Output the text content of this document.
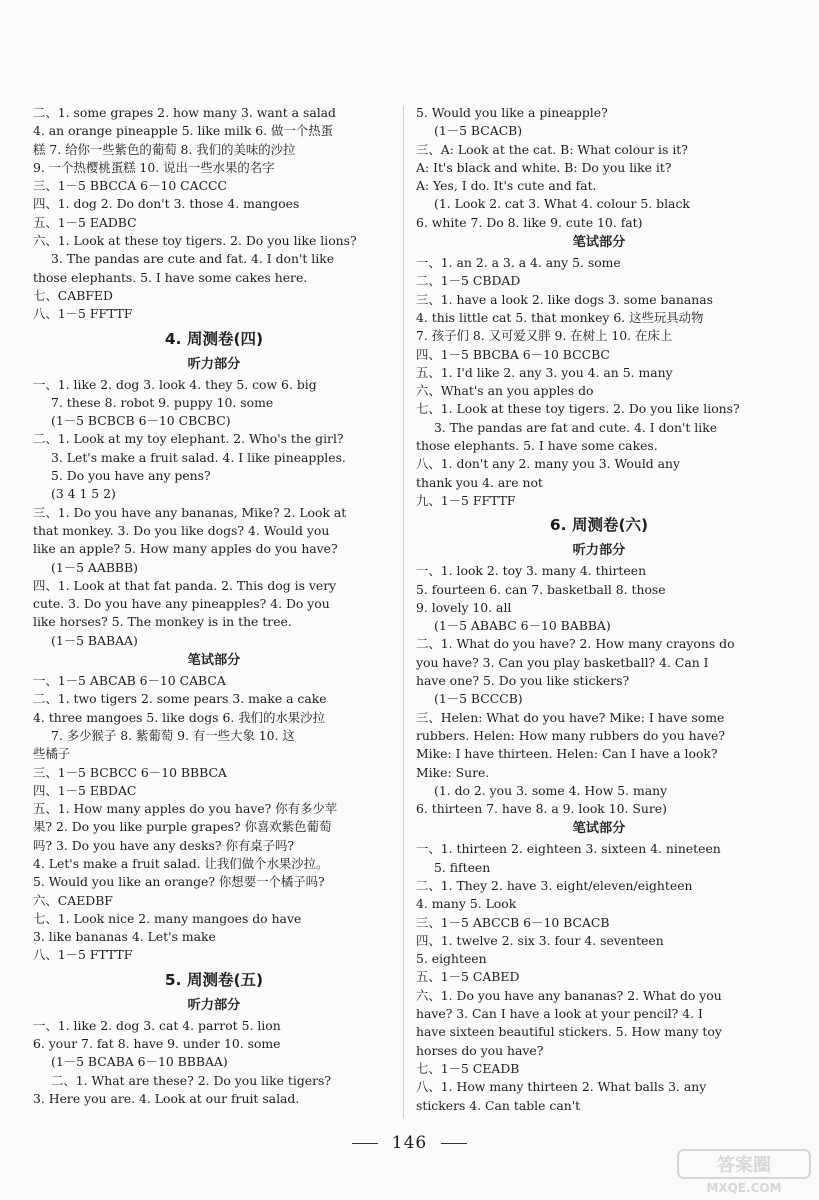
二、1. some grapes 2. how many 3. want a salad
4. an orange pineapple 5. like milk 6. 做一个热蛋
糕 7. 给你一些紫色的葡萄 8. 我们的美味的沙拉
9. 一个热樱桃蛋糕 10. 说出一些水果的名字
三、1－5 BBCCA 6－10 CACCC
四、1. dog 2. Do don't 3. those 4. mangoes
五、1－5 EADBC
六、1. Look at these toy tigers. 2. Do you like lions?
3. The pandas are cute and fat. 4. I don't like
those elephants. 5. I have some cakes here.
七、CABFED
八、1－5 FFTTF
4. 周测卷(四)
听力部分
一、1. like 2. dog 3. look 4. they 5. cow 6. big
7. these 8. robot 9. puppy 10. some
(1－5 BCBCB 6－10 CBCBC)
二、1. Look at my toy elephant. 2. Who's the girl?
3. Let's make a fruit salad. 4. I like pineapples.
5. Do you have any pens?
(3 4 1 5 2)
三、1. Do you have any bananas, Mike? 2. Look at
that monkey. 3. Do you like dogs? 4. Would you
like an apple? 5. How many apples do you have?
(1－5 AABBB)
四、1. Look at that fat panda. 2. This dog is very
cute. 3. Do you have any pineapples? 4. Do you
like horses? 5. The monkey is in the tree.
(1－5 BABAA)
笔试部分
一、1－5 ABCAB 6－10 CABCA
二、1. two tigers 2. some pears 3. make a cake
4. three mangoes 5. like dogs 6. 我们的水果沙拉
7. 多少猴子 8. 紫葡萄 9. 有一些大象 10. 这
些橘子
三、1－5 BCBCC 6－10 BBBCA
四、1－5 EBDAC
五、1. How many apples do you have? 你有多少苹
果? 2. Do you like purple grapes? 你喜欢紫色葡萄
吗? 3. Do you have any desks? 你有桌子吗?
4. Let's make a fruit salad. 让我们做个水果沙拉。
5. Would you like an orange? 你想要一个橘子吗?
六、CAEDBF
七、1. Look nice 2. many mangoes do have
3. like bananas 4. Let's make
八、1－5 FTTTF
5. 周测卷(五)
听力部分
一、1. like 2. dog 3. cat 4. parrot 5. lion
6. your 7. fat 8. have 9. under 10. some
(1－5 BCABA 6－10 BBBAA)
二、1. What are these? 2. Do you like tigers?
3. Here you are. 4. Look at our fruit salad.
5. Would you like a pineapple?
(1－5 BCACB)
三、A: Look at the cat. B: What colour is it?
A: It's black and white. B: Do you like it?
A: Yes, I do. It's cute and fat.
(1. Look 2. cat 3. What 4. colour 5. black
6. white 7. Do 8. like 9. cute 10. fat)
笔试部分
一、1. an 2. a 3. a 4. any 5. some
二、1－5 CBDAD
三、1. have a look 2. like dogs 3. some bananas
4. this little cat 5. that monkey 6. 这些玩具动物
7. 孩子们 8. 又可爱又胖 9. 在树上 10. 在床上
四、1－5 BBCBA 6－10 BCCBC
五、1. I'd like 2. any 3. you 4. an 5. many
六、What's an you apples do
七、1. Look at these toy tigers. 2. Do you like lions?
3. The pandas are fat and cute. 4. I don't like
those elephants. 5. I have some cakes.
八、1. don't any 2. many you 3. Would any
thank you 4. are not
九、1－5 FFTTF
6. 周测卷(六)
听力部分
一、1. look 2. toy 3. many 4. thirteen
5. fourteen 6. can 7. basketball 8. those
9. lovely 10. all
(1－5 ABABC 6－10 BABBA)
二、1. What do you have? 2. How many crayons do
you have? 3. Can you play basketball? 4. Can I
have one? 5. Do you like stickers?
(1－5 BCCCB)
三、Helen: What do you have? Mike: I have some
rubbers. Helen: How many rubbers do you have?
Mike: I have thirteen. Helen: Can I have a look?
Mike: Sure.
(1. do 2. you 3. some 4. How 5. many
6. thirteen 7. have 8. a 9. look 10. Sure)
笔试部分
一、1. thirteen 2. eighteen 3. sixteen 4. nineteen
5. fifteen
二、1. They 2. have 3. eight/eleven/eighteen
4. many 5. Look
三、1－5 ABCCB 6－10 BCACB
四、1. twelve 2. six 3. four 4. seventeen
5. eighteen
五、1－5 CABED
六、1. Do you have any bananas? 2. What do you
have? 3. Can I have a look at your pencil? 4. I
have sixteen beautiful stickers. 5. How many toy
horses do you have?
七、1－5 CEADB
八、1. How many thirteen 2. What balls 3. any
stickers 4. Can table can't
146
答案圈
MXQE.COM
